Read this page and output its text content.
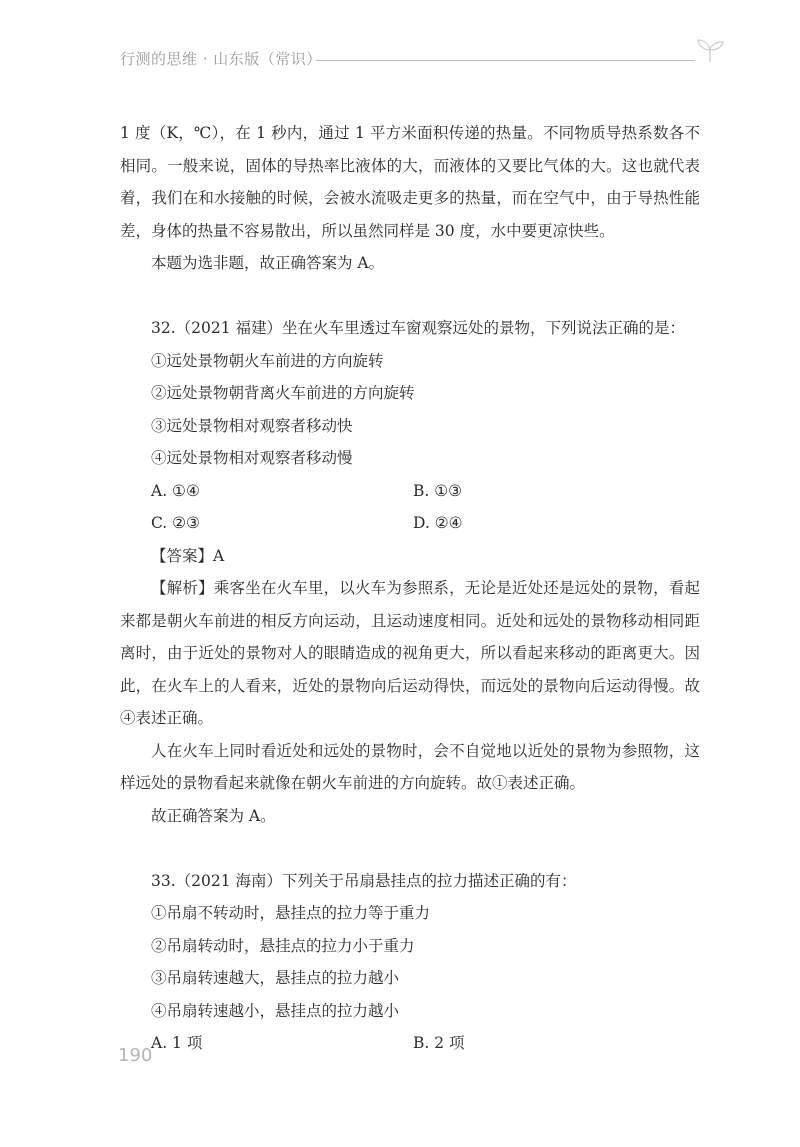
行测的思维 · 山东版（常识）

1 度（K，℃），在 1 秒内，通过 1 平方米面积传递的热量。不同物质导热系数各不相同。一般来说，固体的导热率比液体的大，而液体的又要比气体的大。这也就代表着，我们在和水接触的时候，会被水流吸走更多的热量，而在空气中，由于导热性能差，身体的热量不容易散出，所以虽然同样是 30 度，水中要更凉快些。

本题为选非题，故正确答案为 A。

32.（2021 福建）坐在火车里透过车窗观察远处的景物，下列说法正确的是：

①远处景物朝火车前进的方向旋转

②远处景物朝背离火车前进的方向旋转

③远处景物相对观察者移动快

④远处景物相对观察者移动慢

A. ①④	B. ①③
C. ②③	D. ②④

【答案】A

【解析】乘客坐在火车里，以火车为参照系，无论是近处还是远处的景物，看起来都是朝火车前进的相反方向运动，且运动速度相同。近处和远处的景物移动相同距离时，由于近处的景物对人的眼睛造成的视角更大，所以看起来移动的距离更大。因此，在火车上的人看来，近处的景物向后运动得快，而远处的景物向后运动得慢。故④表述正确。

人在火车上同时看近处和远处的景物时，会不自觉地以近处的景物为参照物，这样远处的景物看起来就像在朝火车前进的方向旋转。故①表述正确。

故正确答案为 A。

33.（2021 海南）下列关于吊扇悬挂点的拉力描述正确的有：

①吊扇不转动时，悬挂点的拉力等于重力

②吊扇转动时，悬挂点的拉力小于重力

③吊扇转速越大，悬挂点的拉力越小

④吊扇转速越小，悬挂点的拉力越小

A. 1 项	B. 2 项
190
